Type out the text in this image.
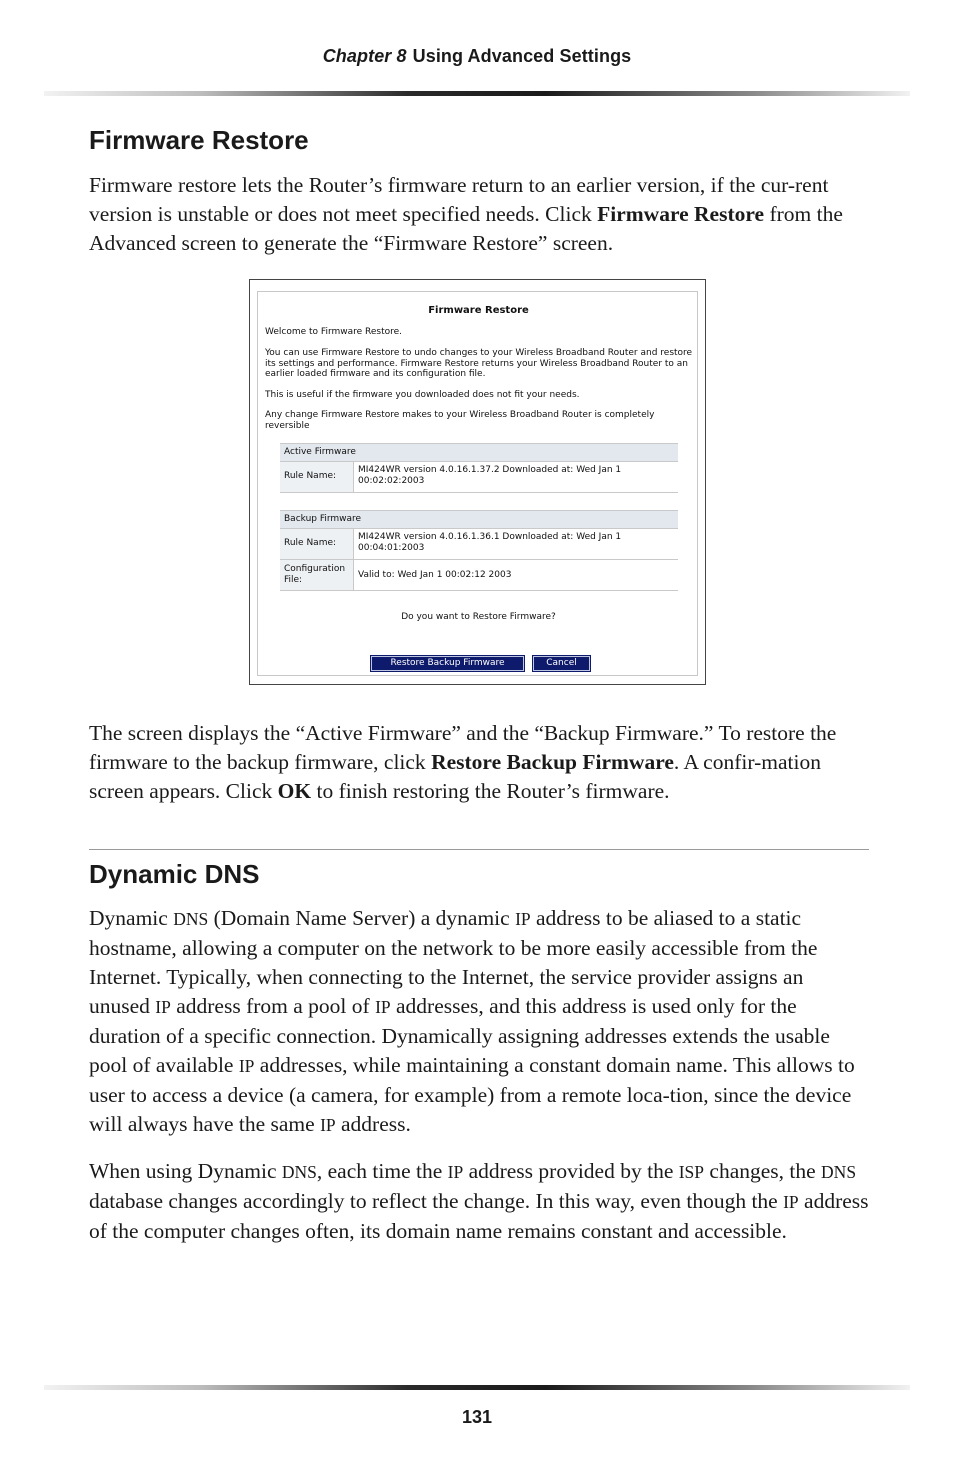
Chapter 8 Using Advanced Settings
Firmware Restore

Firmware restore lets the Router’s firmware return to an earlier version, if the cur-rent version is unstable or does not meet specified needs. Click Firmware Restore from the Advanced screen to generate the “Firmware Restore” screen.

Firmware Restore
Welcome to Firmware Restore.
You can use Firmware Restore to undo changes to your Wireless Broadband Router and restore its settings and performance. Firmware Restore returns your Wireless Broadband Router to an earlier loaded firmware and its configuration file.
This is useful if the firmware you downloaded does not fit your needs.
Any change Firmware Restore makes to your Wireless Broadband Router is completely reversible
Active Firmware
Rule Name:
MI424WR version 4.0.16.1.37.2 Downloaded at: Wed Jan 1 00:02:02:2003
Backup Firmware
Rule Name:
MI424WR version 4.0.16.1.36.1 Downloaded at: Wed Jan 1 00:04:01:2003
Configuration File:	Valid to: Wed Jan 1 00:02:12 2003
Do you want to Restore Firmware?
Restore Backup Firmware	Cancel

The screen displays the “Active Firmware” and the “Backup Firmware.” To restore the firmware to the backup firmware, click Restore Backup Firmware. A confir-mation screen appears. Click OK to finish restoring the Router’s firmware.

Dynamic DNS

Dynamic DNS (Domain Name Server) a dynamic IP address to be aliased to a static hostname, allowing a computer on the network to be more easily accessible from the Internet. Typically, when connecting to the Internet, the service provider assigns an unused IP address from a pool of IP addresses, and this address is used only for the duration of a specific connection. Dynamically assigning addresses extends the usable pool of available IP addresses, while maintaining a constant domain name. This allows to user to access a device (a camera, for example) from a remote loca-tion, since the device will always have the same IP address.

When using Dynamic DNS, each time the IP address provided by the ISP changes, the DNS database changes accordingly to reflect the change. In this way, even though the IP address of the computer changes often, its domain name remains constant and accessible.

131
